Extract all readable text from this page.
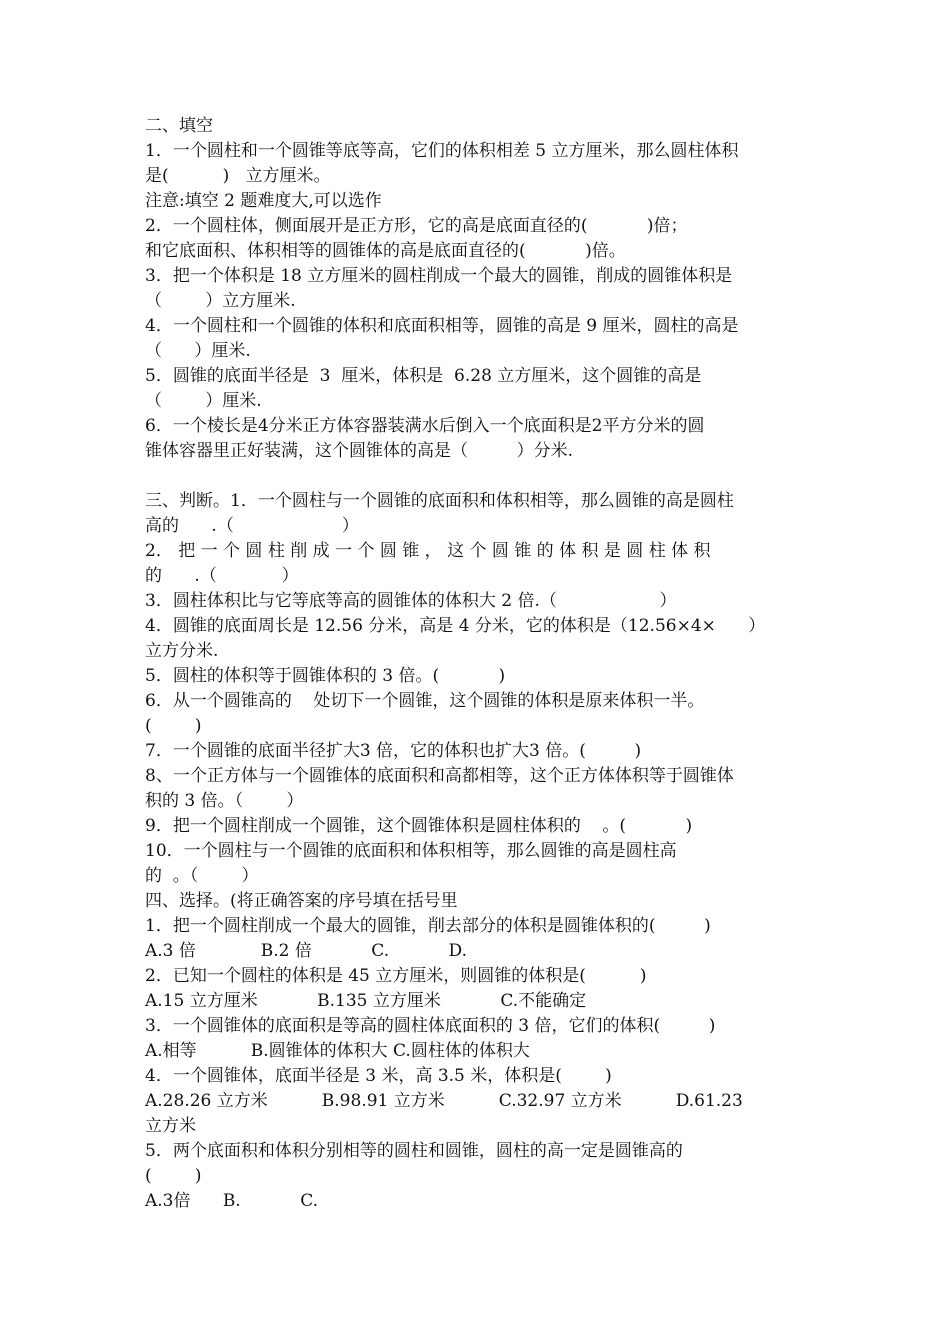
二、填空
1．一个圆柱和一个圆锥等底等高，它们的体积相差 5 立方厘米，那么圆柱体积
是(          )   立方厘米。
注意:填空 2 题难度大,可以选作
2．一个圆柱体，侧面展开是正方形，它的高是底面直径的(           )倍；
和它底面积、体积相等的圆锥体的高是底面直径的(           )倍。
3．把一个体积是 18 立方厘米的圆柱削成一个最大的圆锥，削成的圆锥体积是
（        ）立方厘米.
4．一个圆柱和一个圆锥的体积和底面积相等，圆锥的高是 9 厘米，圆柱的高是
（      ）厘米.
5．圆锥的底面半径是  3  厘米，体积是  6.28 立方厘米，这个圆锥的高是
（        ）厘米.
6．一个棱长是4分米正方体容器装满水后倒入一个底面积是2平方分米的圆
锥体容器里正好装满，这个圆锥体的高是（         ）分米.
三、判断。1．一个圆柱与一个圆锥的底面积和体积相等，那么圆锥的高是圆柱
高的      .（                    ）
2． 把 一 个 圆 柱 削 成 一 个 圆 锥 ， 这 个 圆 锥 的 体 积 是 圆 柱 体 积
的      .（            ）
3．圆柱体积比与它等底等高的圆锥体的体积大 2 倍.（                   ）
4．圆锥的底面周长是 12.56 分米，高是 4 分米，它的体积是（12.56×4×      ）
立方分米.
5．圆柱的体积等于圆锥体积的 3 倍。(           )
6．从一个圆锥高的    处切下一个圆锥，这个圆锥的体积是原来体积一半。
(        )
7．一个圆锥的底面半径扩大3 倍，它的体积也扩大3 倍。(         )
8、一个正方体与一个圆锥体的底面积和高都相等，这个正方体体积等于圆锥体
积的 3 倍。（        ）
9．把一个圆柱削成一个圆锥，这个圆锥体积是圆柱体积的    。(           )
10．一个圆柱与一个圆锥的底面积和体积相等，那么圆锥的高是圆柱高
的  。（        ）
四、选择。(将正确答案的序号填在括号里
1．把一个圆柱削成一个最大的圆锥，削去部分的体积是圆锥体积的(         )
A.3 倍            B.2 倍           C.           D.
2．已知一个圆柱的体积是 45 立方厘米，则圆锥的体积是(          )
A.15 立方厘米           B.135 立方厘米           C.不能确定
3．一个圆锥体的底面积是等高的圆柱体底面积的 3 倍，它们的体积(         )
A.相等          B.圆锥体的体积大 C.圆柱体的体积大
4．一个圆锥体，底面半径是 3 米，高 3.5 米，体积是(        )
A.28.26 立方米          B.98.91 立方米          C.32.97 立方米          D.61.23
立方米
5．两个底面积和体积分别相等的圆柱和圆锥，圆柱的高一定是圆锥高的
(        )
A.3倍      B.           C.
